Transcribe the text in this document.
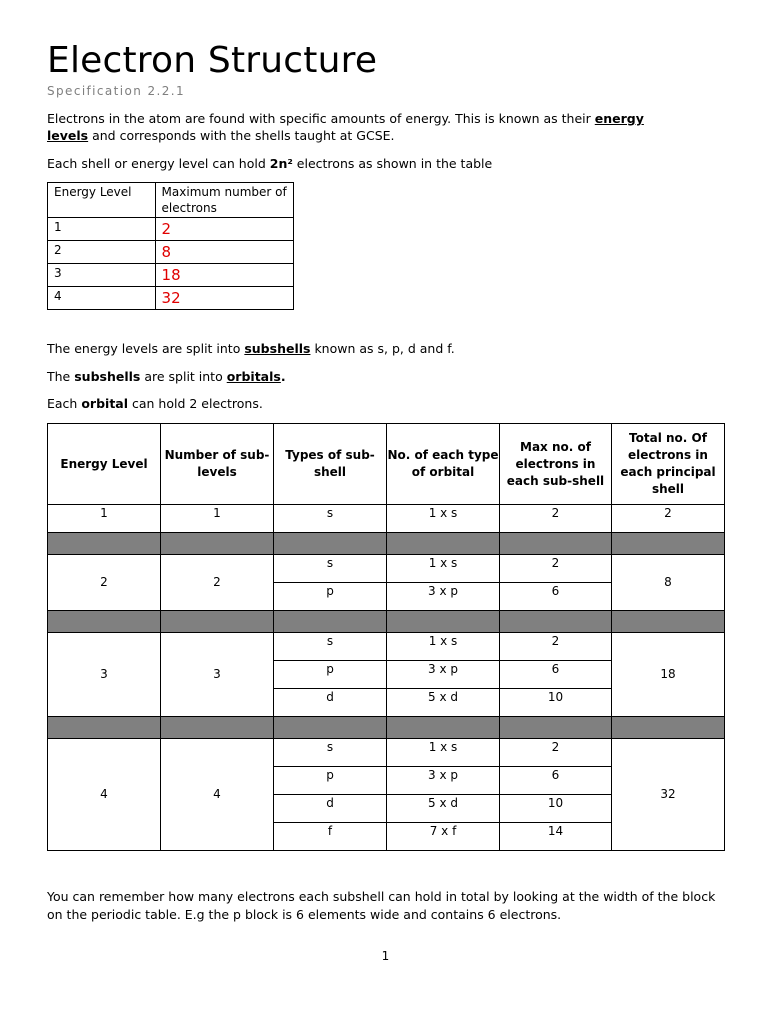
Electron Structure

Specification 2.2.1

Electrons in the atom are found with specific amounts of energy. This is known as their energy levels and corresponds with the shells taught at GCSE.

Each shell or energy level can hold 2n² electrons as shown in the table

Energy Level	Maximum number of electrons
1	2
2	8
3	18
4	32

The energy levels are split into subshells known as s, p, d and f.

The subshells are split into orbitals.

Each orbital can hold 2 electrons.

Energy Level	Number of sub-levels	Types of sub-shell	No. of each type of orbital	Max no. of electrons in each sub-shell	Total no. Of electrons in each principal shell
1	1	s	1 x s	2	2

2	2	s	1 x s	2	8
		p	3 x p	6	

3	3	s	1 x s	2	18
		p	3 x p	6	
		d	5 x d	10	

4	4	s	1 x s	2	32
		p	3 x p	6	
		d	5 x d	10	
		f	7 x f	14	

You can remember how many electrons each subshell can hold in total by looking at the width of the block on the periodic table. E.g the p block is 6 elements wide and contains 6 electrons.

1
